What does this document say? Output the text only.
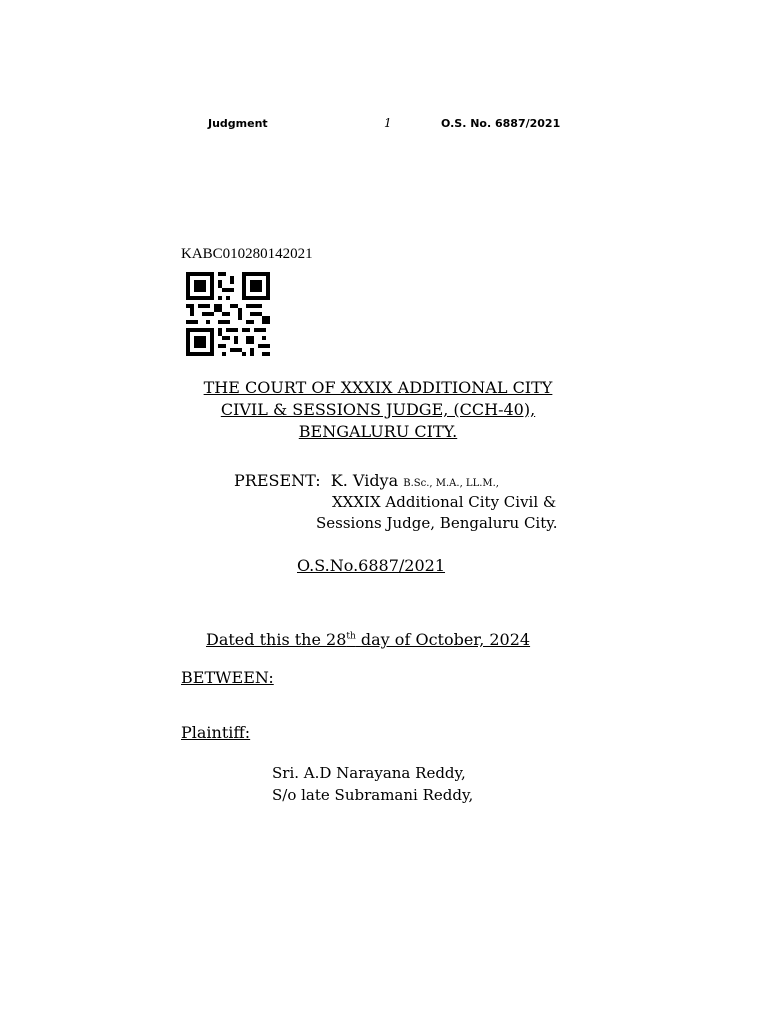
Judgment	1	O.S. No. 6887/2021
KABC010280142021
THE COURT OF XXXIX ADDITIONAL CITY
CIVIL & SESSIONS JUDGE, (CCH-40),
BENGALURU CITY.
PRESENT: K. Vidya B.Sc., M.A., LL.M.,
XXXIX Additional City Civil &
Sessions Judge, Bengaluru City.
O.S.No.6887/2021
Dated this the 28th day of October, 2024
BETWEEN:
Plaintiff:
Sri. A.D Narayana Reddy,
S/o late Subramani Reddy,
